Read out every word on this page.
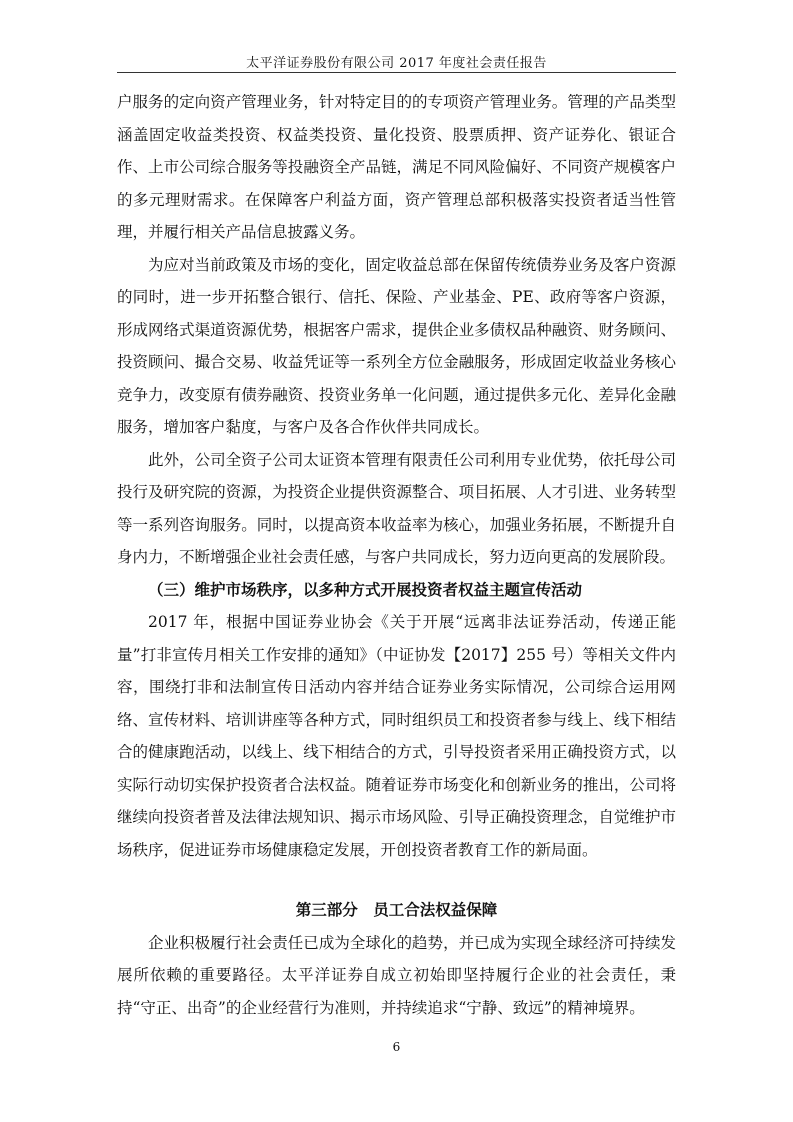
太平洋证券股份有限公司 2017 年度社会责任报告

户服务的定向资产管理业务，针对特定目的的专项资产管理业务。管理的产品类型涵盖固定收益类投资、权益类投资、量化投资、股票质押、资产证券化、银证合作、上市公司综合服务等投融资全产品链，满足不同风险偏好、不同资产规模客户的多元理财需求。在保障客户利益方面，资产管理总部积极落实投资者适当性管理，并履行相关产品信息披露义务。

为应对当前政策及市场的变化，固定收益总部在保留传统债券业务及客户资源的同时，进一步开拓整合银行、信托、保险、产业基金、PE、政府等客户资源，形成网络式渠道资源优势，根据客户需求，提供企业多债权品种融资、财务顾问、投资顾问、撮合交易、收益凭证等一系列全方位金融服务，形成固定收益业务核心竞争力，改变原有债券融资、投资业务单一化问题，通过提供多元化、差异化金融服务，增加客户黏度，与客户及各合作伙伴共同成长。

此外，公司全资子公司太证资本管理有限责任公司利用专业优势，依托母公司投行及研究院的资源，为投资企业提供资源整合、项目拓展、人才引进、业务转型等一系列咨询服务。同时，以提高资本收益率为核心，加强业务拓展，不断提升自身内力，不断增强企业社会责任感，与客户共同成长，努力迈向更高的发展阶段。

（三）维护市场秩序，以多种方式开展投资者权益主题宣传活动

2017 年，根据中国证券业协会《关于开展“远离非法证券活动，传递正能量”打非宣传月相关工作安排的通知》（中证协发【2017】255 号）等相关文件内容，围绕打非和法制宣传日活动内容并结合证券业务实际情况，公司综合运用网络、宣传材料、培训讲座等各种方式，同时组织员工和投资者参与线上、线下相结合的健康跑活动，以线上、线下相结合的方式，引导投资者采用正确投资方式，以实际行动切实保护投资者合法权益。随着证券市场变化和创新业务的推出，公司将继续向投资者普及法律法规知识、揭示市场风险、引导正确投资理念，自觉维护市场秩序，促进证券市场健康稳定发展，开创投资者教育工作的新局面。

第三部分　员工合法权益保障

企业积极履行社会责任已成为全球化的趋势，并已成为实现全球经济可持续发展所依赖的重要路径。太平洋证券自成立初始即坚持履行企业的社会责任，秉持“守正、出奇”的企业经营行为准则，并持续追求“宁静、致远”的精神境界。

6
